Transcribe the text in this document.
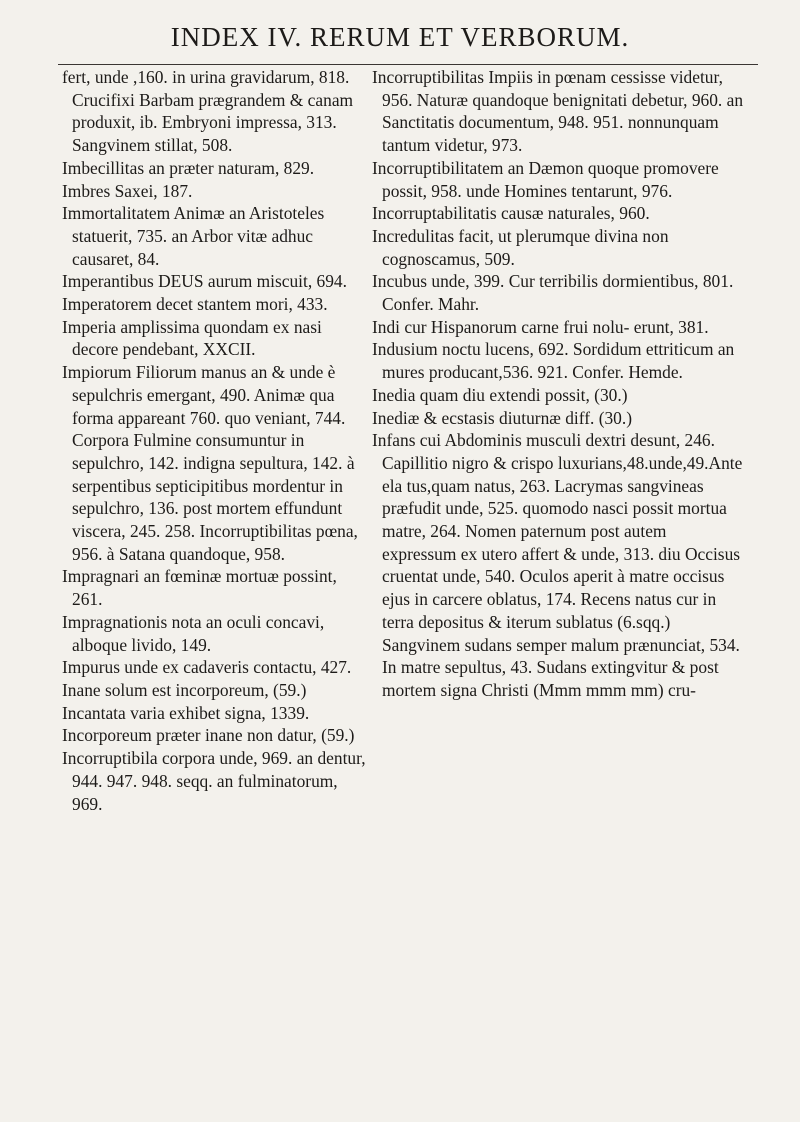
INDEX IV. RERUM ET VERBORUM.

fert, unde ,160. in urina gravidarum, 818. Crucifixi Barbam prægrandem & canam produxit, ib. Embryoni impressa, 313. Sangvinem stillat, 508.

Imbecillitas an præter naturam, 829.

Imbres Saxei, 187.

Immortalitatem Animæ an Aristoteles statuerit, 735. an Arbor vitæ adhuc causaret, 84.

Imperantibus DEUS aurum miscuit, 694.

Imperatorem decet stantem mori, 433.

Imperia amplissima quondam ex nasi decore pendebant, XXCII.

Impiorum Filiorum manus an & unde è sepulchris emergant, 490. Animæ qua forma appareant 760. quo veniant, 744. Corpora Fulmine consumuntur in sepulchro, 142. indigna sepultura, 142. à serpentibus septicipitibus mordentur in sepulchro, 136. post mortem effundunt viscera, 245. 258. Incorruptibilitas pœna, 956. à Satana quandoque, 958.

Impragnari an fœminæ mortuæ possint, 261.

Impragnationis nota an oculi concavi, alboque livido, 149.

Impurus unde ex cadaveris contactu, 427.

Inane solum est incorporeum, (59.)

Incantata varia exhibet signa, 1339.

Incorporeum præter inane non datur, (59.)

Incorruptibila corpora unde, 969. an dentur, 944. 947. 948. seqq. an fulminatorum, 969.

Incorruptibilitas Impiis in pœnam cessisse videtur, 956. Naturæ quandoque benignitati debetur, 960. an Sanctitatis documentum, 948. 951. nonnunquam tantum videtur, 973.

Incorruptibilitatem an Dæmon quoque promovere possit, 958. unde Homines tentarunt, 976.

Incorruptabilitatis causæ naturales, 960.

Incredulitas facit, ut plerumque divina non cognoscamus, 509.

Incubus unde, 399. Cur terribilis dormientibus, 801. Confer. Mahr.

Indi cur Hispanorum carne frui nolu- erunt, 381.

Indusium noctu lucens, 692. Sordidum ettriticum an mures producant,536. 921. Confer. Hemde.

Inedia quam diu extendi possit, (30.)

Inediæ & ecstasis diuturnæ diff. (30.)

Infans cui Abdominis musculi dextri desunt, 246. Capillitio nigro & crispo luxurians,48.unde,49.Ante ela tus,quam natus, 263. Lacrymas sangvineas præfudit unde, 525. quomodo nasci possit mortua matre, 264. Nomen paternum post autem expressum ex utero affert & unde, 313. diu Occisus cruentat unde, 540. Oculos aperit à matre occisus ejus in carcere oblatus, 174. Recens natus cur in terra depositus & iterum sublatus (6.sqq.) Sangvinem sudans semper malum prænunciat, 534. In matre sepultus, 43. Sudans extingvitur & post mortem signa Christi (Mmm mmm mm) cru-
